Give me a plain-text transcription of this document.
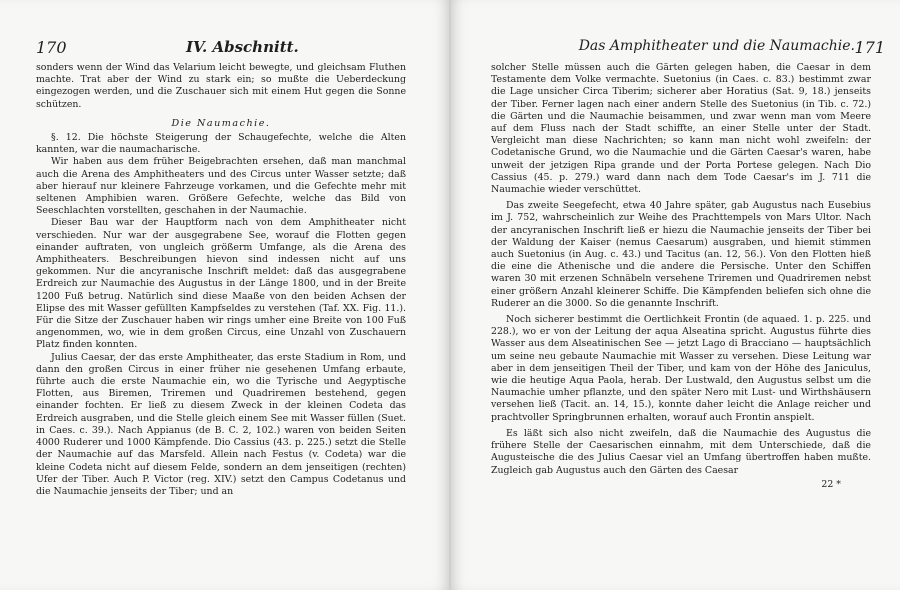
170	IV. Abschnitt.

sonders wenn der Wind das Velarium leicht bewegte, und gleichsam Fluthen machte. Trat aber der Wind zu stark ein; so mußte die Ueberdeckung eingezogen werden, und die Zuschauer sich mit einem Hut gegen die Sonne schützen.

Die Naumachie.

§. 12. Die höchste Steigerung der Schaugefechte, welche die Alten kannten, war die naumacharische.

Wir haben aus dem früher Beigebrachten ersehen, daß man manchmal auch die Arena des Amphitheaters und des Circus unter Wasser setzte; daß aber hierauf nur kleinere Fahrzeuge vorkamen, und die Gefechte mehr mit seltenen Amphibien waren. Größere Gefechte, welche das Bild von Seeschlachten vorstellten, geschahen in der Naumachie.

Dieser Bau war der Hauptform nach von dem Amphitheater nicht verschieden. Nur war der ausgegrabene See, worauf die Flotten gegen einander auftraten, von ungleich größerm Umfange, als die Arena des Amphitheaters. Beschreibungen hievon sind indessen nicht auf uns gekommen. Nur die ancyranische Inschrift meldet: daß das ausgegrabene Erdreich zur Naumachie des Augustus in der Länge 1800, und in der Breite 1200 Fuß betrug. Natürlich sind diese Maaße von den beiden Achsen der Elipse des mit Wasser gefüllten Kampfseldes zu verstehen (Taf. XX. Fig. 11.). Für die Sitze der Zuschauer haben wir rings umher eine Breite von 100 Fuß angenommen, wo, wie in dem großen Circus, eine Unzahl von Zuschauern Platz finden konnten.

Julius Caesar, der das erste Amphitheater, das erste Stadium in Rom, und dann den großen Circus in einer früher nie gesehenen Umfang erbaute, führte auch die erste Naumachie ein, wo die Tyrische und Aegyptische Flotten, aus Biremen, Triremen und Quadriremen bestehend, gegen einander fochten. Er ließ zu diesem Zweck in der kleinen Codeta das Erdreich ausgraben, und die Stelle gleich einem See mit Wasser füllen (Suet. in Caes. c. 39.). Nach Appianus (de B. C. 2, 102.) waren von beiden Seiten 4000 Ruderer und 1000 Kämpfende. Dio Cassius (43. p. 225.) setzt die Stelle der Naumachie auf das Marsfeld. Allein nach Festus (v. Codeta) war die kleine Codeta nicht auf diesem Felde, sondern an dem jenseitigen (rechten) Ufer der Tiber. Auch P. Victor (reg. XIV.) setzt den Campus Codetanus und die Naumachie jenseits der Tiber; und an

Das Amphitheater und die Naumachie. 171

solcher Stelle müssen auch die Gärten gelegen haben, die Caesar in dem Testamente dem Volke vermachte. Suetonius (in Caes. c. 83.) bestimmt zwar die Lage unsicher Circa Tiberim; sicherer aber Horatius (Sat. 9, 18.) jenseits der Tiber. Ferner lagen nach einer andern Stelle des Suetonius (in Tib. c. 72.) die Gärten und die Naumachie beisammen, und zwar wenn man vom Meere auf dem Fluss nach der Stadt schiffte, an einer Stelle unter der Stadt. Vergleicht man diese Nachrichten; so kann man nicht wohl zweifeln: der Codetanische Grund, wo die Naumachie und die Gärten Caesar's waren, habe unweit der jetzigen Ripa grande und der Porta Portese gelegen. Nach Dio Cassius (45. p. 279.) ward dann nach dem Tode Caesar's im J. 711 die Naumachie wieder verschüttet.

Das zweite Seegefecht, etwa 40 Jahre später, gab Augustus nach Eusebius im J. 752, wahrscheinlich zur Weihe des Prachttempels von Mars Ultor. Nach der ancyranischen Inschrift ließ er hiezu die Naumachie jenseits der Tiber bei der Waldung der Kaiser (nemus Caesarum) ausgraben, und hiemit stimmen auch Suetonius (in Aug. c. 43.) und Tacitus (an. 12, 56.). Von den Flotten hieß die eine die Athenische und die andere die Persische. Unter den Schiffen waren 30 mit erzenen Schnäbeln versehene Triremen und Quadriremen nebst einer größern Anzahl kleinerer Schiffe. Die Kämpfenden beliefen sich ohne die Ruderer an die 3000. So die genannte Inschrift.

Noch sicherer bestimmt die Oertlichkeit Frontin (de aquaed. 1. p. 225. und 228.), wo er von der Leitung der aqua Alseatina spricht. Augustus führte dies Wasser aus dem Alseatinischen See — jetzt Lago di Bracciano — hauptsächlich um seine neu gebaute Naumachie mit Wasser zu versehen. Diese Leitung war aber in dem jenseitigen Theil der Tiber, und kam von der Höhe des Janiculus, wie die heutige Aqua Paola, herab. Der Lustwald, den Augustus selbst um die Naumachie umher pflanzte, und den später Nero mit Lust- und Wirthshäusern versehen ließ (Tacit. an. 14, 15.), konnte daher leicht die Anlage reicher und prachtvoller Springbrunnen erhalten, worauf auch Frontin anspielt.

Es läßt sich also nicht zweifeln, daß die Naumachie des Augustus die frühere Stelle der Caesarischen einnahm, mit dem Unterschiede, daß die Augusteische die des Julius Caesar viel an Umfang übertroffen haben mußte. Zugleich gab Augustus auch den Gärten des Caesar

22 *
